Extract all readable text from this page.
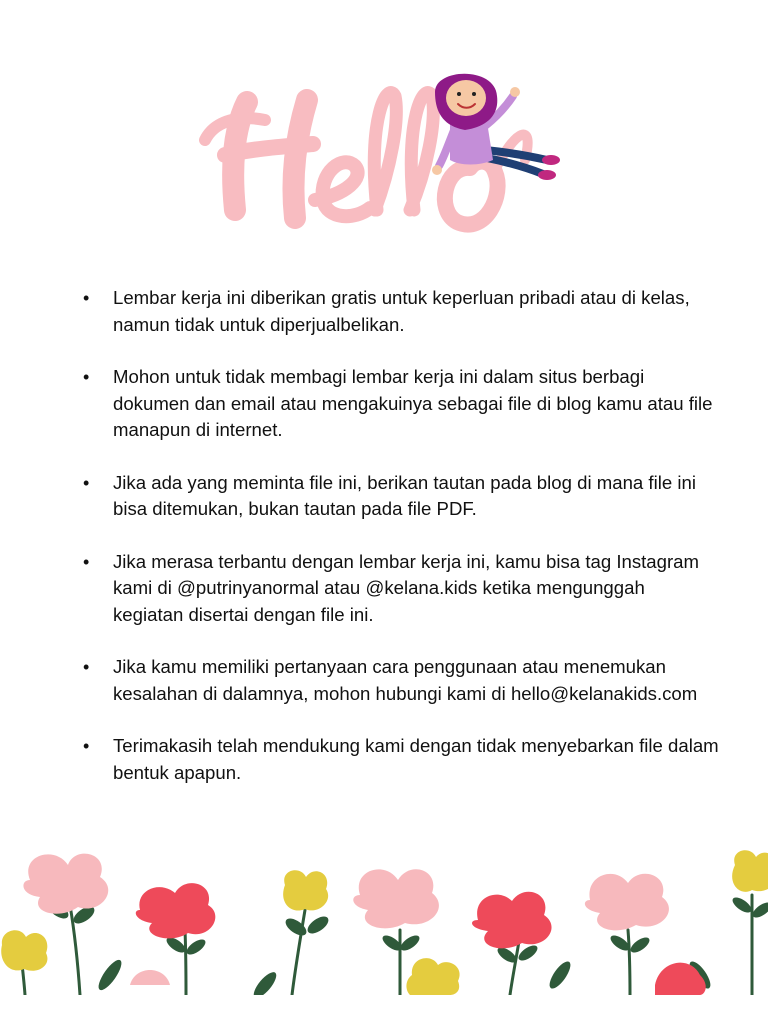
• Lembar kerja ini diberikan gratis untuk keperluan pribadi atau di kelas, namun tidak untuk diperjualbelikan.
• Mohon untuk tidak membagi lembar kerja ini dalam situs berbagi dokumen dan email atau mengakuinya sebagai file di blog kamu atau file manapun di internet.
• Jika ada yang meminta file ini, berikan tautan pada blog di mana file ini bisa ditemukan, bukan tautan pada file PDF.
• Jika merasa terbantu dengan lembar kerja ini, kamu bisa tag Instagram kami di @putrinyanormal atau @kelana.kids ketika mengunggah kegiatan disertai dengan file ini.
• Jika kamu memiliki pertanyaan cara penggunaan atau menemukan kesalahan di dalamnya, mohon hubungi kami di hello@kelanakids.com
• Terimakasih telah mendukung kami dengan tidak menyebarkan file dalam bentuk apapun.
